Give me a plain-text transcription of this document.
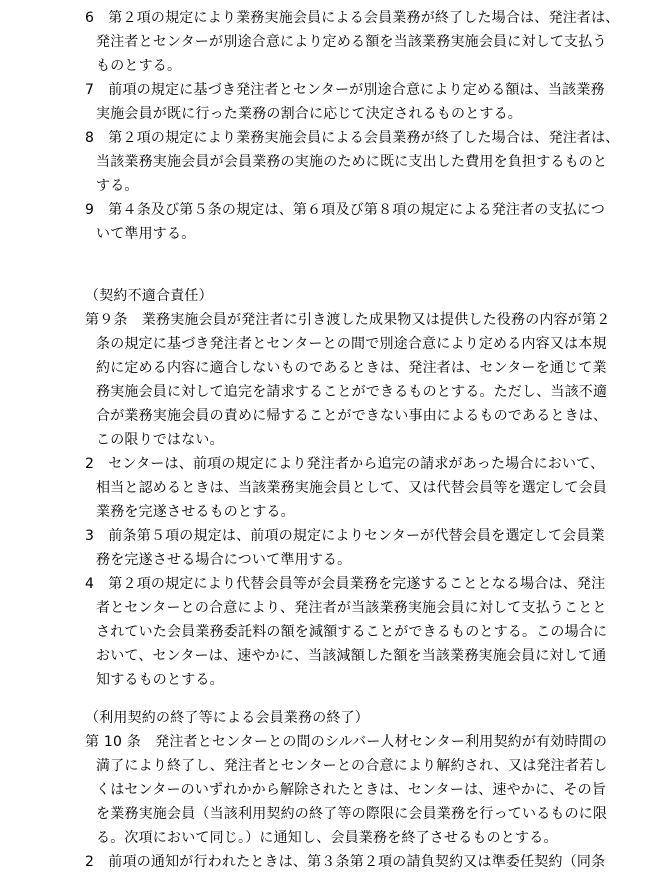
6　第２項の規定により業務実施会員による会員業務が終了した場合は、発注者は、
発注者とセンターが別途合意により定める額を当該業務実施会員に対して支払う
ものとする。
7　前項の規定に基づき発注者とセンターが別途合意により定める額は、当該業務
実施会員が既に行った業務の割合に応じて決定されるものとする。
8　第２項の規定により業務実施会員による会員業務が終了した場合は、発注者は、
当該業務実施会員が会員業務の実施のために既に支出した費用を負担するものと
する。
9　第４条及び第５条の規定は、第６項及び第８項の規定による発注者の支払につ
いて準用する。
（契約不適合責任）
第９条　業務実施会員が発注者に引き渡した成果物又は提供した役務の内容が第２
条の規定に基づき発注者とセンターとの間で別途合意により定める内容又は本規
約に定める内容に適合しないものであるときは、発注者は、センターを通じて業
務実施会員に対して追完を請求することができるものとする。ただし、当該不適
合が業務実施会員の責めに帰することができない事由によるものであるときは、
この限りではない。
2　センターは、前項の規定により発注者から追完の請求があった場合において、
相当と認めるときは、当該業務実施会員として、又は代替会員等を選定して会員
業務を完遂させるものとする。
3　前条第５項の規定は、前項の規定によりセンターが代替会員を選定して会員業
務を完遂させる場合について準用する。
4　第２項の規定により代替会員等が会員業務を完遂することとなる場合は、発注
者とセンターとの合意により、発注者が当該業務実施会員に対して支払うことと
されていた会員業務委託料の額を減額することができるものとする。この場合に
おいて、センターは、速やかに、当該減額した額を当該業務実施会員に対して通
知するものとする。
（利用契約の終了等による会員業務の終了）
第 10 条　発注者とセンターとの間のシルバー人材センター利用契約が有効時間の
満了により終了し、発注者とセンターとの合意により解約され、又は発注者若し
くはセンターのいずれかから解除されたときは、センターは、速やかに、その旨
を業務実施会員（当該利用契約の終了等の際限に会員業務を行っているものに限
る。次項において同じ。）に通知し、会員業務を終了させるものとする。
2　前項の通知が行われたときは、第３条第２項の請負契約又は準委任契約（同条
